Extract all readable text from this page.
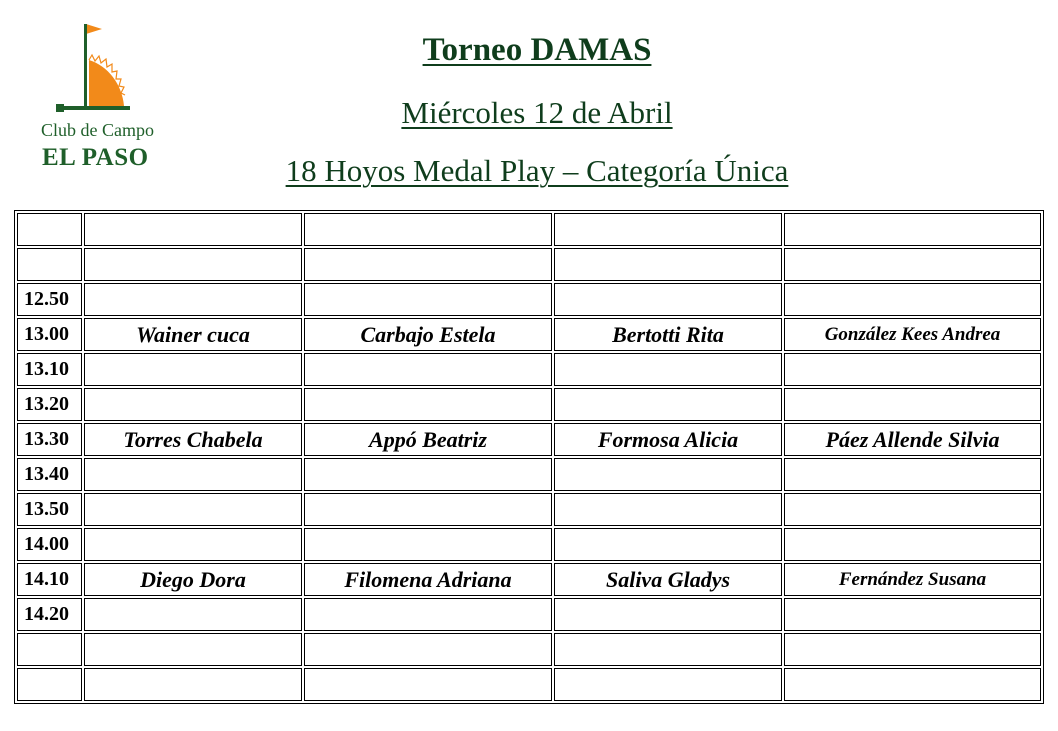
Club de Campo
EL PASO
Torneo DAMAS
Miércoles 12 de Abril
18 Hoyos Medal Play – Categoría Única

12.50				
13.00	Wainer cuca	Carbajo Estela	Bertotti Rita	González Kees Andrea
13.10				
13.20				
13.30	Torres Chabela	Appó Beatriz	Formosa Alicia	Páez Allende Silvia
13.40				
13.50				
14.00				
14.10	Diego Dora	Filomena Adriana	Saliva Gladys	Fernández Susana
14.20				
